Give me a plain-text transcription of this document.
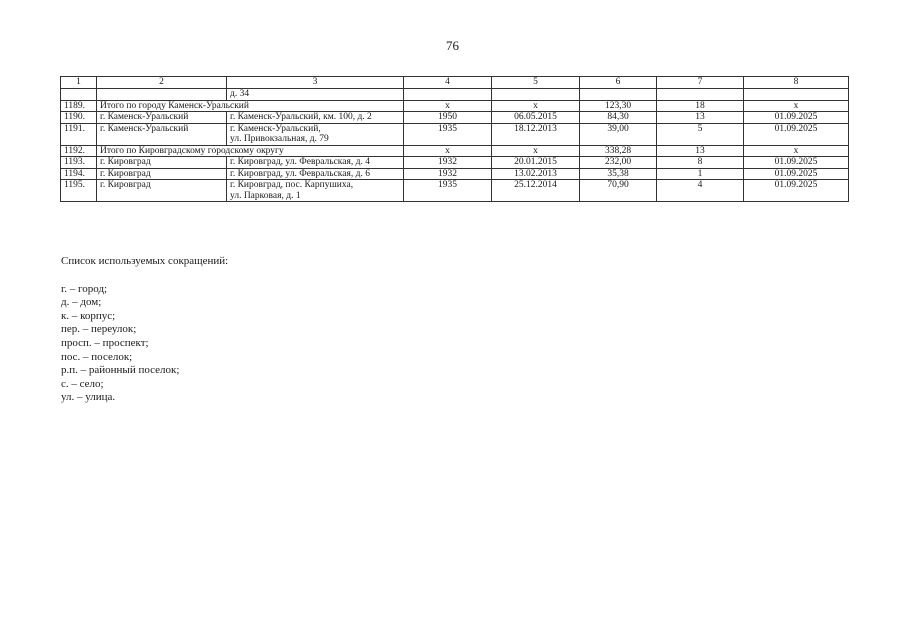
76
1	2	3	4	5	6	7	8
		д. 34					
1189.	Итого по городу Каменск-Уральский		х	х	123,30	18	х
1190.	г. Каменск-Уральский	г. Каменск-Уральский, км. 100, д. 2	1950	06.05.2015	84,30	13	01.09.2025
1191.	г. Каменск-Уральский	г. Каменск-Уральский,
ул. Привокзальная, д. 79	1935	18.12.2013	39,00	5	01.09.2025
1192.	Итого по Кировградскому городскому округу		х	х	338,28	13	х
1193.	г. Кировград	г. Кировград, ул. Февральская, д. 4	1932	20.01.2015	232,00	8	01.09.2025
1194.	г. Кировград	г. Кировград, ул. Февральская, д. 6	1932	13.02.2013	35,38	1	01.09.2025
1195.	г. Кировград	г. Кировград, пос. Карпушиха,
ул. Парковая, д. 1	1935	25.12.2014	70,90	4	01.09.2025
Список используемых сокращений:
г. – город;
д. – дом;
к. – корпус;
пер. – переулок;
просп. – проспект;
пос. – поселок;
р.п. – районный поселок;
с. – село;
ул. – улица.
